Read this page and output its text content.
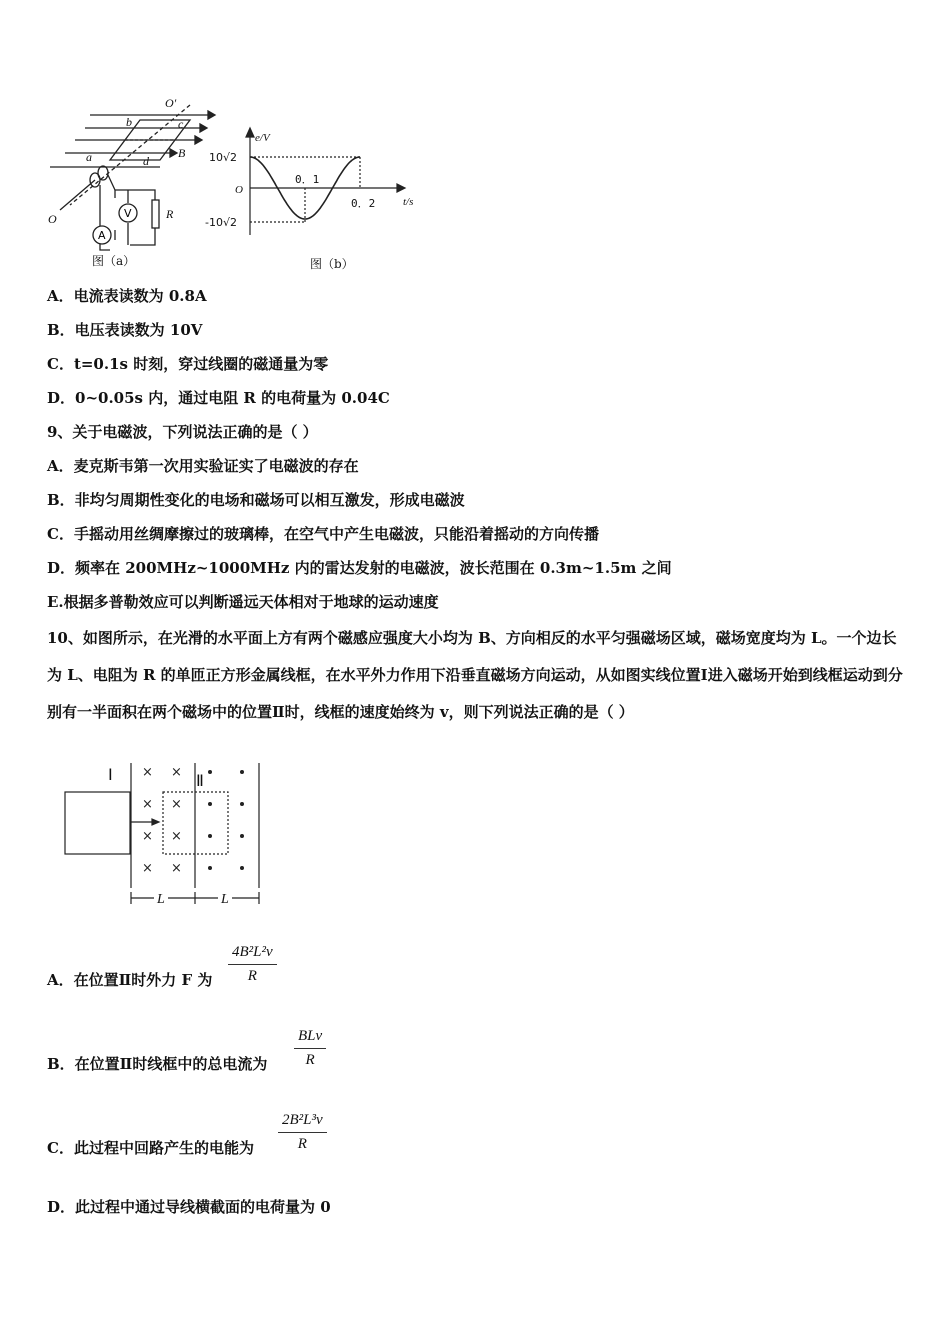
V
A
O′
b	c
B
a	d
O	R
图（a）
e/V
t/s
10√2
-10√2
O
0．1
0．2
图（b）
A．电流表读数为 0.8A
B．电压表读数为 10V
C．t=0.1s 时刻，穿过线圈的磁通量为零
D．0~0.05s 内，通过电阻 R 的电荷量为 0.04C
9、关于电磁波，下列说法正确的是（ ）
A．麦克斯韦第一次用实验证实了电磁波的存在
B．非均匀周期性变化的电场和磁场可以相互激发，形成电磁波
C．手摇动用丝绸摩擦过的玻璃棒，在空气中产生电磁波，只能沿着摇动的方向传播
D．频率在 200MHz~1000MHz 内的雷达发射的电磁波，波长范围在 0.3m~1.5m 之间
E.根据多普勒效应可以判断遥远天体相对于地球的运动速度
10、如图所示，在光滑的水平面上方有两个磁感应强度大小均为 B、方向相反的水平匀强磁场区域，磁场宽度均为 L。一个边长为 L、电阻为 R 的单匝正方形金属线框，在水平外力作用下沿垂直磁场方向运动，从如图实线位置Ⅰ进入磁场开始到线框运动到分别有一半面积在两个磁场中的位置Ⅱ时，线框的速度始终为 v，则下列说法正确的是（ ）
× ×
× ×
× ×
× ×
Ⅰ	Ⅱ
L	L
A．在位置Ⅱ时外力 F 为 $\frac{\text{4B²L²v}}{R}$
B．在位置Ⅱ时线框中的总电流为
BLv
R
C．此过程中回路产生的电能为 $\frac{\text{2B²L³v}}{R}$
D．此过程中通过导线横截面的电荷量为 0
